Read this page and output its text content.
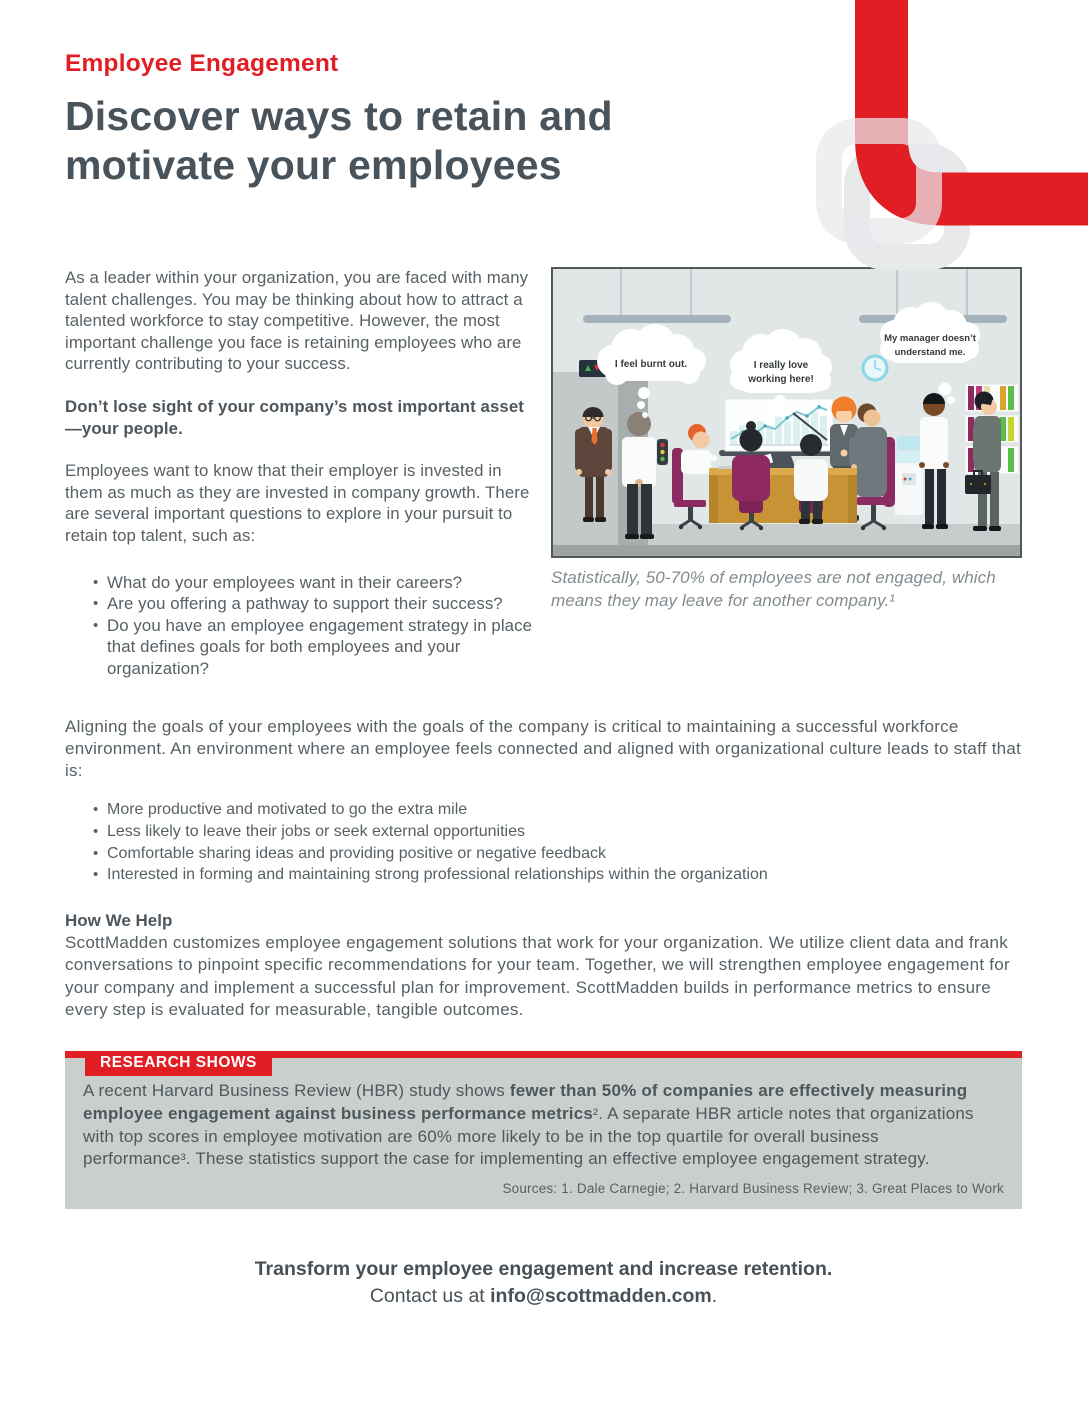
Employee Engagement
Discover ways to retain and
motivate your employees

As a leader within your organization, you are faced with many talent challenges. You may be thinking about how to attract a talented workforce to stay competitive. However, the most important challenge you face is retaining employees who are currently contributing to your success.

Don’t lose sight of your company’s most important asset—your people.

Employees want to know that their employer is invested in them as much as they are invested in company growth. There are several important questions to explore in your pursuit to retain top talent, such as:

• What do your employees want in their careers?
• Are you offering a pathway to support their success?
• Do you have an employee engagement strategy in place that defines goals for both employees and your organization?
I feel burnt out.	I really love
working here!
My manager doesn’t
understand me.

Statistically, 50-70% of employees are not engaged, which means they may leave for another company.¹

Aligning the goals of your employees with the goals of the company is critical to maintaining a successful workforce environment. An environment where an employee feels connected and aligned with organizational culture leads to staff that is:

• More productive and motivated to go the extra mile
• Less likely to leave their jobs or seek external opportunities
• Comfortable sharing ideas and providing positive or negative feedback
• Interested in forming and maintaining strong professional relationships within the organization

How We Help

ScottMadden customizes employee engagement solutions that work for your organization. We utilize client data and frank conversations to pinpoint specific recommendations for your team. Together, we will strengthen employee engagement for your company and implement a successful plan for improvement. ScottMadden builds in performance metrics to ensure every step is evaluated for measurable, tangible outcomes.

RESEARCH SHOWS

A recent Harvard Business Review (HBR) study shows fewer than 50% of companies are effectively measuring employee engagement against business performance metrics². A separate HBR article notes that organizations with top scores in employee motivation are 60% more likely to be in the top quartile for overall business performance³. These statistics support the case for implementing an effective employee engagement strategy.

Sources: 1. Dale Carnegie; 2. Harvard Business Review; 3. Great Places to Work
Transform your employee engagement and increase retention.
Contact us at info@scottmadden.com.
